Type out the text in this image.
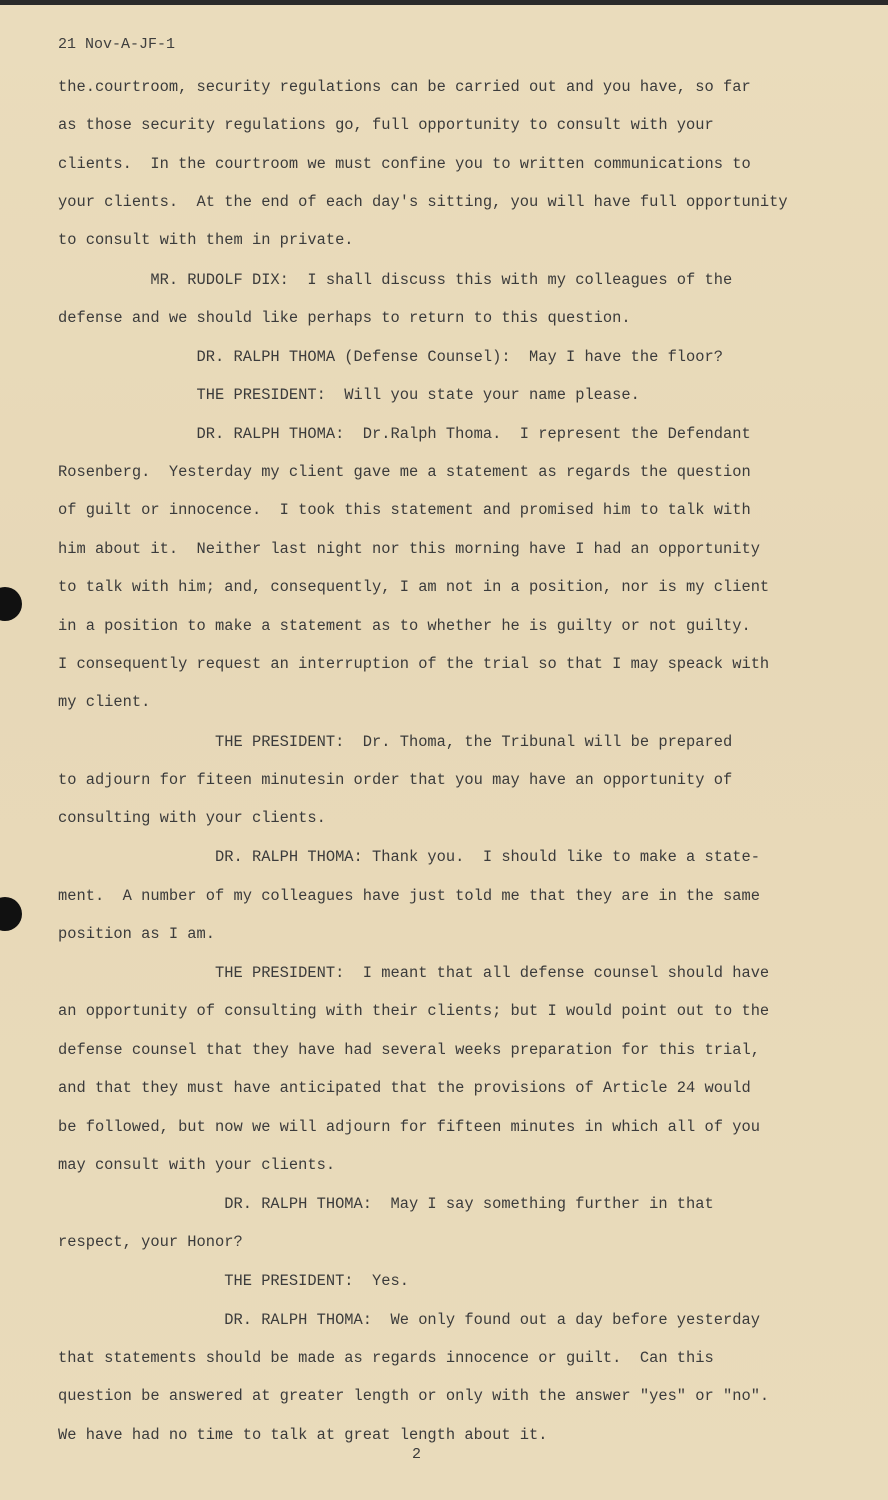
21 Nov-A-JF-1
the.courtroom, security regulations can be carried out and you have, so far
as those security regulations go, full opportunity to consult with your
clients.  In the courtroom we must confine you to written communications to
your clients.  At the end of each day's sitting, you will have full opportunity
to consult with them in private.
MR. RUDOLF DIX:  I shall discuss this with my colleagues of the
defense and we should like perhaps to return to this question.
DR. RALPH THOMA (Defense Counsel):  May I have the floor?
THE PRESIDENT:  Will you state your name please.
DR. RALPH THOMA:  Dr.Ralph Thoma.  I represent the Defendant
Rosenberg.  Yesterday my client gave me a statement as regards the question
of guilt or innocence.  I took this statement and promised him to talk with
him about it.  Neither last night nor this morning have I had an opportunity
to talk with him; and, consequently, I am not in a position, nor is my client
in a position to make a statement as to whether he is guilty or not guilty.
I consequently request an interruption of the trial so that I may speack with
my client.
THE PRESIDENT:  Dr. Thoma, the Tribunal will be prepared
to adjourn for fiteen minutesin order that you may have an opportunity of
consulting with your clients.
DR. RALPH THOMA: Thank you.  I should like to make a state-
ment.  A number of my colleagues have just told me that they are in the same
position as I am.
THE PRESIDENT:  I meant that all defense counsel should have
an opportunity of consulting with their clients; but I would point out to the
defense counsel that they have had several weeks preparation for this trial,
and that they must have anticipated that the provisions of Article 24 would
be followed, but now we will adjourn for fifteen minutes in which all of you
may consult with your clients.
DR. RALPH THOMA:  May I say something further in that
respect, your Honor?
THE PRESIDENT:  Yes.
DR. RALPH THOMA:  We only found out a day before yesterday
that statements should be made as regards innocence or guilt.  Can this
question be answered at greater length or only with the answer "yes" or "no".
We have had no time to talk at great length about it.
2
